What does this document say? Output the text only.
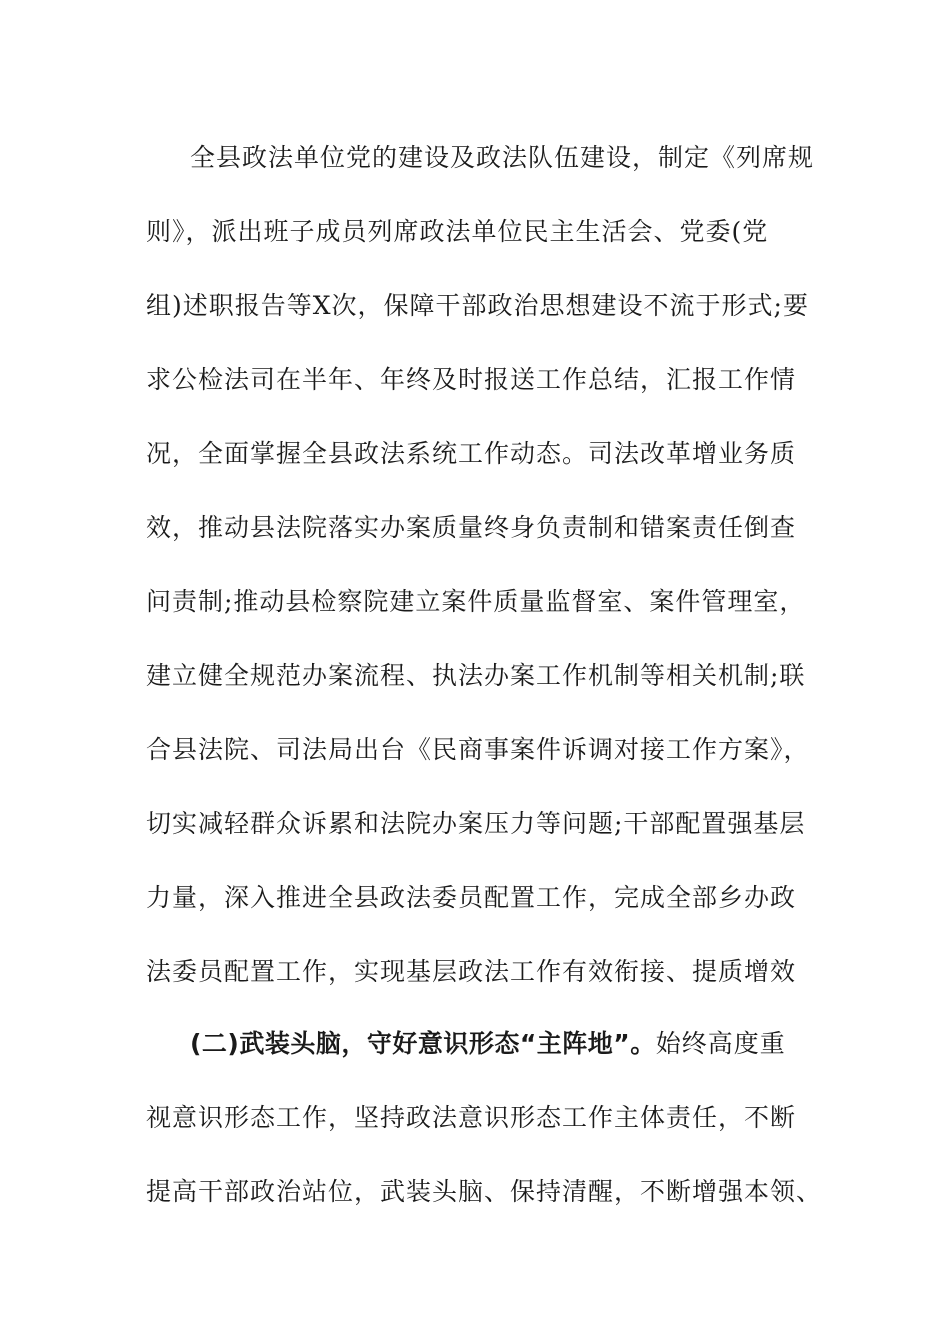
全县政法单位党的建设及政法队伍建设，制定《列席规
则》，派出班子成员列席政法单位民主生活会、党委(党
组)述职报告等X次，保障干部政治思想建设不流于形式;要
求公检法司在半年、年终及时报送工作总结，汇报工作情
况，全面掌握全县政法系统工作动态。司法改革增业务质
效，推动县法院落实办案质量终身负责制和错案责任倒查
问责制;推动县检察院建立案件质量监督室、案件管理室，
建立健全规范办案流程、执法办案工作机制等相关机制;联
合县法院、司法局出台《民商事案件诉调对接工作方案》，
切实减轻群众诉累和法院办案压力等问题;干部配置强基层
力量，深入推进全县政法委员配置工作，完成全部乡办政
法委员配置工作，实现基层政法工作有效衔接、提质增效
(二)武装头脑，守好意识形态“主阵地”。始终高度重
视意识形态工作，坚持政法意识形态工作主体责任，不断
提高干部政治站位，武装头脑、保持清醒，不断增强本领、
